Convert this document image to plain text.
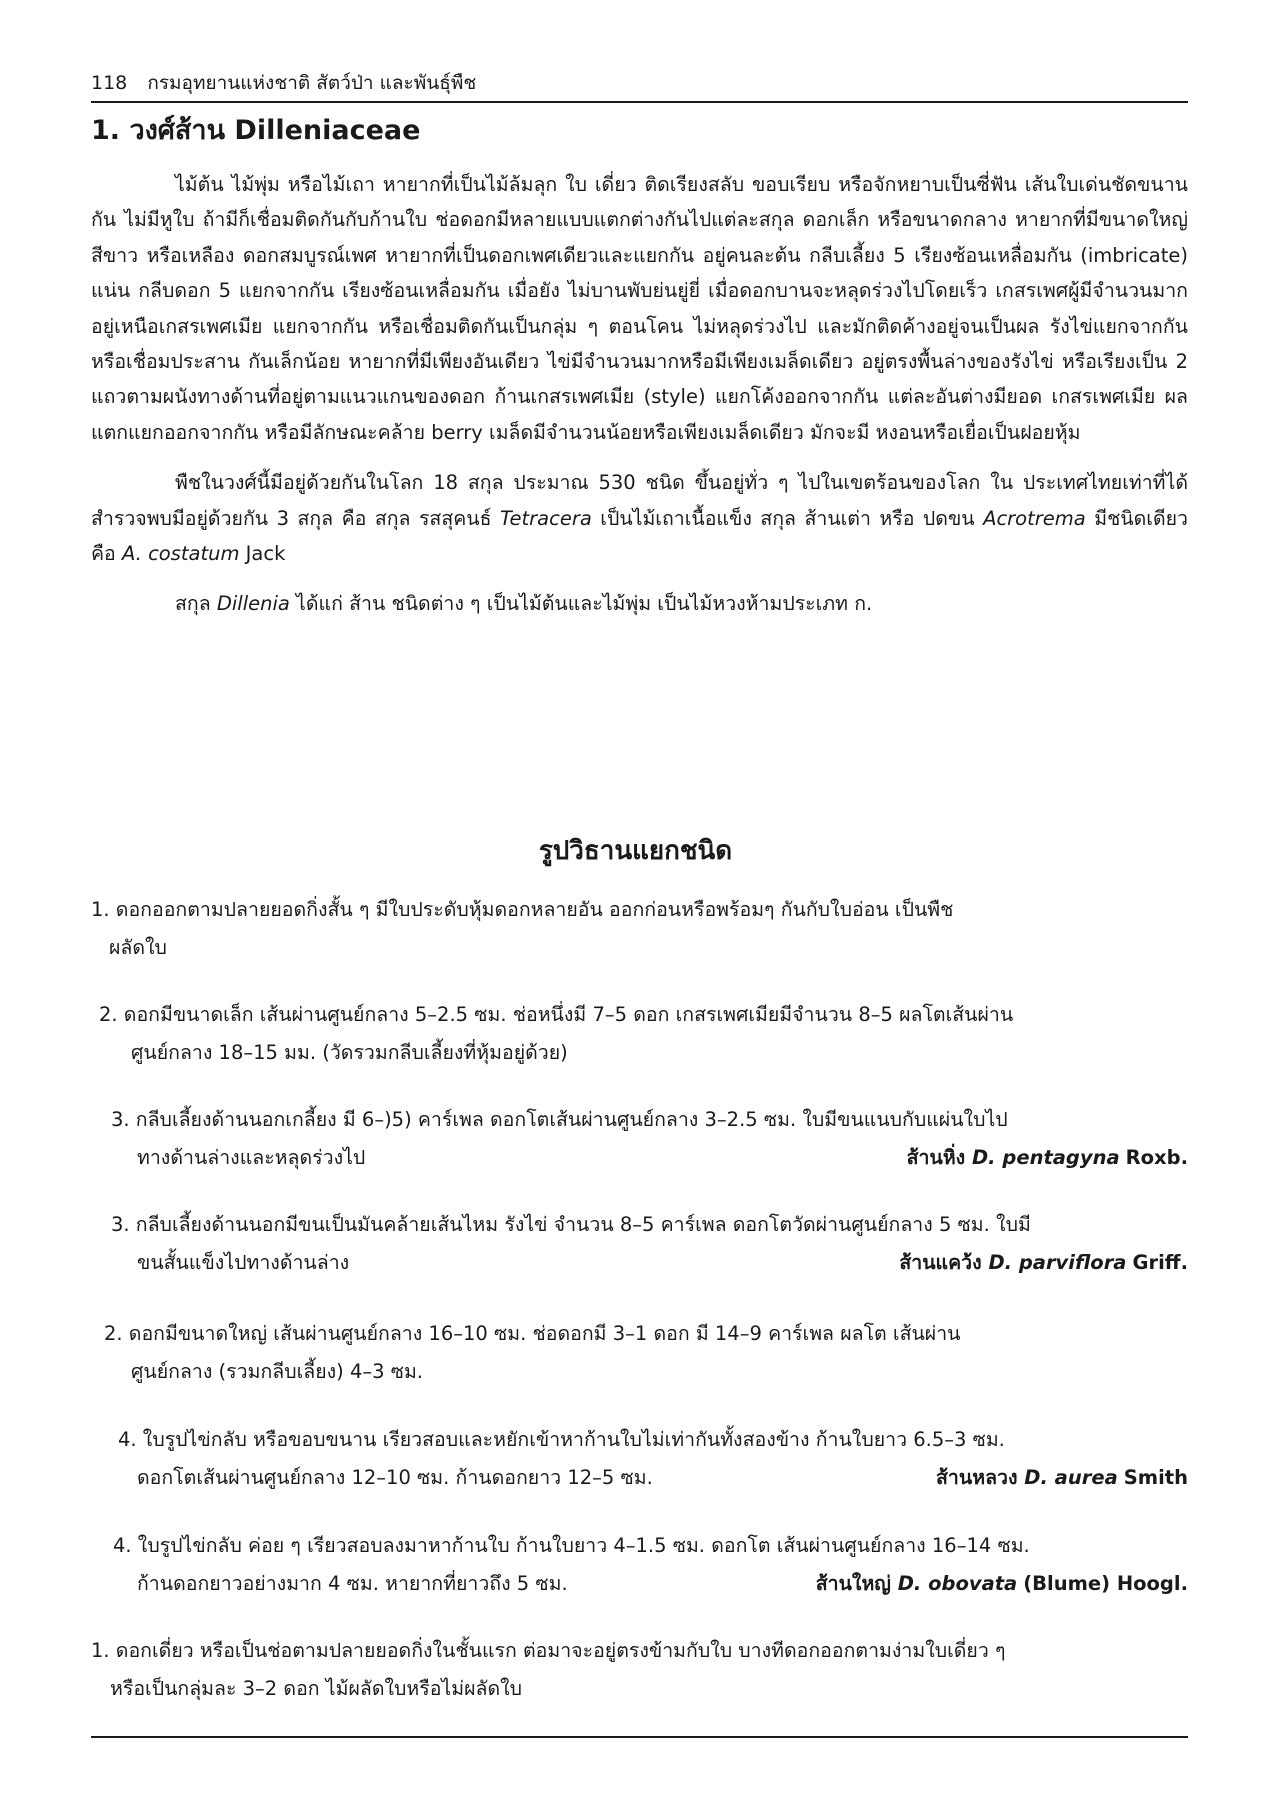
118 กรมอุทยานแห่งชาติ สัตว์ป่า และพันธุ์พืช
1. วงศ์ส้าน Dilleniaceae

ไม้ต้น ไม้พุ่ม หรือไม้เถา หายากที่เป็นไม้ล้มลุก ใบ เดี่ยว ติดเรียงสลับ ขอบเรียบ หรือจักหยาบเป็นซี่ฟัน เส้นใบเด่นชัดขนานกัน ไม่มีหูใบ ถ้ามีก็เชื่อมติดกันกับก้านใบ ช่อดอกมีหลายแบบแตกต่างกันไปแต่ละสกุล ดอกเล็ก หรือขนาดกลาง หายากที่มีขนาดใหญ่ สีขาว หรือเหลือง ดอกสมบูรณ์เพศ หายากที่เป็นดอกเพศเดียวและแยกกัน อยู่คนละต้น กลีบเลี้ยง 5 เรียงซ้อนเหลื่อมกัน (imbricate) แน่น กลีบดอก 5 แยกจากกัน เรียงซ้อนเหลื่อมกัน เมื่อยัง ไม่บานพับย่นยู่ยี่ เมื่อดอกบานจะหลุดร่วงไปโดยเร็ว เกสรเพศผู้มีจำนวนมากอยู่เหนือเกสรเพศเมีย แยกจากกัน หรือเชื่อมติดกันเป็นกลุ่ม ๆ ตอนโคน ไม่หลุดร่วงไป และมักติดค้างอยู่จนเป็นผล รังไข่แยกจากกันหรือเชื่อมประสาน กันเล็กน้อย หายากที่มีเพียงอันเดียว ไข่มีจำนวนมากหรือมีเพียงเมล็ดเดียว อยู่ตรงพื้นล่างของรังไข่ หรือเรียงเป็น 2 แถวตามผนังทางด้านที่อยู่ตามแนวแกนของดอก ก้านเกสรเพศเมีย (style) แยกโค้งออกจากกัน แต่ละอันต่างมียอด เกสรเพศเมีย ผล แตกแยกออกจากกัน หรือมีลักษณะคล้าย berry เมล็ดมีจำนวนน้อยหรือเพียงเมล็ดเดียว มักจะมี หงอนหรือเยื่อเป็นฝอยหุ้ม

พืชในวงศ์นี้มีอยู่ด้วยกันในโลก 18 สกุล ประมาณ 530 ชนิด ขึ้นอยู่ทั่ว ๆ ไปในเขตร้อนของโลก ใน ประเทศไทยเท่าที่ได้สำรวจพบมีอยู่ด้วยกัน 3 สกุล คือ สกุล รสสุคนธ์ Tetracera เป็นไม้เถาเนื้อแข็ง สกุล ส้านเต่า หรือ ปดขน Acrotrema มีชนิดเดียว คือ A. costatum Jack

สกุล Dillenia ได้แก่ ส้าน ชนิดต่าง ๆ เป็นไม้ต้นและไม้พุ่ม เป็นไม้หวงห้ามประเภท ก.

รูปวิธานแยกชนิด
1. ดอกออกตามปลายยอดกิ่งสั้น ๆ มีใบประดับหุ้มดอกหลายอัน ออกก่อนหรือพร้อมๆ กันกับใบอ่อน เป็นพืช
ผลัดใบ
2. ดอกมีขนาดเล็ก เส้นผ่านศูนย์กลาง 5–2.5 ซม. ช่อหนึ่งมี 7–5 ดอก เกสรเพศเมียมีจำนวน 8–5 ผลโตเส้นผ่าน
ศูนย์กลาง 18–15 มม. (วัดรวมกลีบเลี้ยงที่หุ้มอยู่ด้วย)
3. กลีบเลี้ยงด้านนอกเกลี้ยง มี 6–)5) คาร์เพล ดอกโตเส้นผ่านศูนย์กลาง 3–2.5 ซม. ใบมีขนแนบกับแผ่นใบไป
ทางด้านล่างและหลุดร่วงไป	ส้านหิ่ง D. pentagyna Roxb.
3. กลีบเลี้ยงด้านนอกมีขนเป็นมันคล้ายเส้นไหม รังไข่ จำนวน 8–5 คาร์เพล ดอกโตวัดผ่านศูนย์กลาง 5 ซม. ใบมี
ขนสั้นแข็งไปทางด้านล่าง	ส้านแคว้ง D. parviflora Griff.
2. ดอกมีขนาดใหญ่ เส้นผ่านศูนย์กลาง 16–10 ซม. ช่อดอกมี 3–1 ดอก มี 14–9 คาร์เพล ผลโต เส้นผ่าน
ศูนย์กลาง (รวมกลีบเลี้ยง) 4–3 ซม.
4. ใบรูปไข่กลับ หรือขอบขนาน เรียวสอบและหยักเข้าหาก้านใบไม่เท่ากันทั้งสองข้าง ก้านใบยาว 6.5–3 ซม.
ดอกโตเส้นผ่านศูนย์กลาง 12–10 ซม. ก้านดอกยาว 12–5 ซม.	ส้านหลวง D. aurea Smith
4. ใบรูปไข่กลับ ค่อย ๆ เรียวสอบลงมาหาก้านใบ ก้านใบยาว 4–1.5 ซม. ดอกโต เส้นผ่านศูนย์กลาง 16–14 ซม.
ก้านดอกยาวอย่างมาก 4 ซม. หายากที่ยาวถึง 5 ซม.	ส้านใหญ่ D. obovata (Blume) Hoogl.
1. ดอกเดี่ยว หรือเป็นช่อตามปลายยอดกิ่งในชั้นแรก ต่อมาจะอยู่ตรงข้ามกับใบ บางทีดอกออกตามง่ามใบเดี่ยว ๆ
หรือเป็นกลุ่มละ 3–2 ดอก ไม้ผลัดใบหรือไม่ผลัดใบ
